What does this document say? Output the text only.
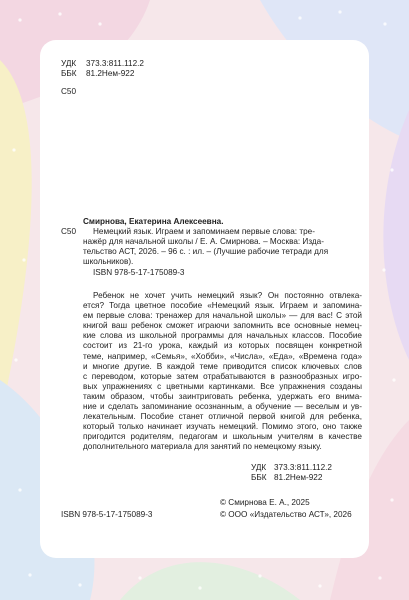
УДК	373.3:811.112.2
ББК	81.2Нем-922
С50
С50
Смирнова, Екатерина Алексеевна.
Немецкий язык. Играем и запоминаем первые слова: тре-
нажёр для начальной школы / Е. А. Смирнова. – Москва: Изда-
тельство АСТ, 2026. – 96 с. : ил. – (Лучшие рабочие тетради для
школьников).
ISBN 978-5-17-175089-3
Ребенок не хочет учить немецкий язык? Он постоянно отвлека-
ется? Тогда цветное пособие «Немецкий язык. Играем и запомина-
ем первые слова: тренажер для начальной школы» — для вас! С этой
книгой ваш ребенок сможет играючи запомнить все основные немец-
кие слова из школьной программы для начальных классов. Пособие
состоит из 21-го урока, каждый из которых посвящен конкретной
теме, например, «Семья», «Хобби», «Числа», «Еда», «Времена года»
и многие другие. В каждой теме приводится список ключевых слов
с переводом, которые затем отрабатываются в разнообразных игро-
вых упражнениях с цветными картинками. Все упражнения созданы
таким образом, чтобы заинтриговать ребенка, удержать его внима-
ние и сделать запоминание осознанным, а обучение — веселым и ув-
лекательным. Пособие станет отличной первой книгой для ребенка,
который только начинает изучать немецкий. Помимо этого, оно также
пригодится родителям, педагогам и школьным учителям в качестве
дополнительного материала для занятий по немецкому языку.
УДК 373.3:811.112.2
ББК 81.2Нем-922
© Смирнова Е. А., 2025
© ООО «Издательство АСТ», 2026
ISBN 978-5-17-175089-3
